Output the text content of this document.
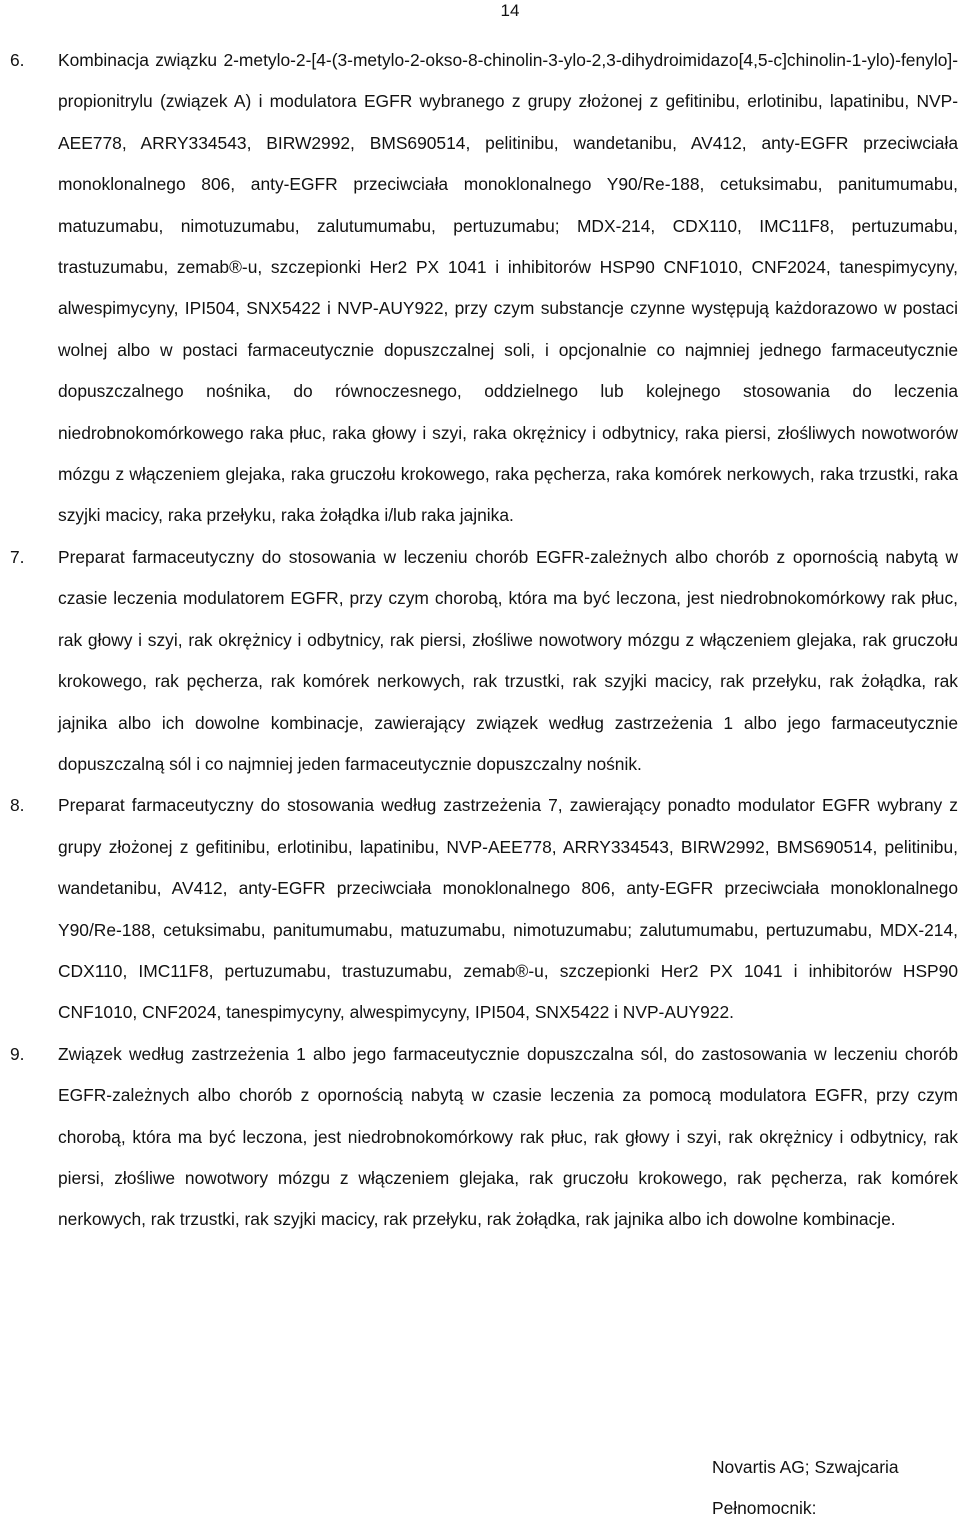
14
6. Kombinacja związku 2-metylo-2-[4-(3-metylo-2-okso-8-chinolin-3-ylo-2,3-dihydroimidazo[4,5-c]chinolin-1-ylo)-fenylo]-propionitrylu (związek A) i modulatora EGFR wybranego z grupy złożonej z gefitinibu, erlotinibu, lapatinibu, NVP-AEE778, ARRY334543, BIRW2992, BMS690514, pelitinibu, wandetanibu, AV412, anty-EGFR przeciwciała monoklonalnego 806, anty-EGFR przeciwciała monoklonalnego Y90/Re-188, cetuksimabu, panitumumabu, matuzumabu, nimotuzumabu, zalutumumabu, pertuzumabu; MDX-214, CDX110, IMC11F8, pertuzumabu, trastuzumabu, zemab®-u, szczepionki Her2 PX 1041 i inhibitorów HSP90 CNF1010, CNF2024, tanespimycyny, alwespimycyny, IPI504, SNX5422 i NVP-AUY922, przy czym substancje czynne występują każdorazowo w postaci wolnej albo w postaci farmaceutycznie dopuszczalnej soli, i opcjonalnie co najmniej jednego farmaceutycznie dopuszczalnego nośnika, do równoczesnego, oddzielnego lub kolejnego stosowania do leczenia niedrobnokomórkowego raka płuc, raka głowy i szyi, raka okrężnicy i odbytnicy, raka piersi, złośliwych nowotworów mózgu z włączeniem glejaka, raka gruczołu krokowego, raka pęcherza, raka komórek nerkowych, raka trzustki, raka szyjki macicy, raka przełyku, raka żołądka i/lub raka jajnika.
7. Preparat farmaceutyczny do stosowania w leczeniu chorób EGFR-zależnych albo chorób z opornością nabytą w czasie leczenia modulatorem EGFR, przy czym chorobą, która ma być leczona, jest niedrobnokomórkowy rak płuc, rak głowy i szyi, rak okrężnicy i odbytnicy, rak piersi, złośliwe nowotwory mózgu z włączeniem glejaka, rak gruczołu krokowego, rak pęcherza, rak komórek nerkowych, rak trzustki, rak szyjki macicy, rak przełyku, rak żołądka, rak jajnika albo ich dowolne kombinacje, zawierający związek według zastrzeżenia 1 albo jego farmaceutycznie dopuszczalną sól i co najmniej jeden farmaceutycznie dopuszczalny nośnik.
8. Preparat farmaceutyczny do stosowania według zastrzeżenia 7, zawierający ponadto modulator EGFR wybrany z grupy złożonej z gefitinibu, erlotinibu, lapatinibu, NVP-AEE778, ARRY334543, BIRW2992, BMS690514, pelitinibu, wandetanibu, AV412, anty-EGFR przeciwciała monoklonalnego 806, anty-EGFR przeciwciała monoklonalnego Y90/Re-188, cetuksimabu, panitumumabu, matuzumabu, nimotuzumabu; zalutumumabu, pertuzumabu, MDX-214, CDX110, IMC11F8, pertuzumabu, trastuzumabu, zemab®-u, szczepionki Her2 PX 1041 i inhibitorów HSP90 CNF1010, CNF2024, tanespimycyny, alwespimycyny, IPI504, SNX5422 i NVP-AUY922.
9. Związek według zastrzeżenia 1 albo jego farmaceutycznie dopuszczalna sól, do zastosowania w leczeniu chorób EGFR-zależnych albo chorób z opornością nabytą w czasie leczenia za pomocą modulatora EGFR, przy czym chorobą, która ma być leczona, jest niedrobnokomórkowy rak płuc, rak głowy i szyi, rak okrężnicy i odbytnicy, rak piersi, złośliwe nowotwory mózgu z włączeniem glejaka, rak gruczołu krokowego, rak pęcherza, rak komórek nerkowych, rak trzustki, rak szyjki macicy, rak przełyku, rak żołądka, rak jajnika albo ich dowolne kombinacje.
Novartis AG; Szwajcaria
Pełnomocnik:
